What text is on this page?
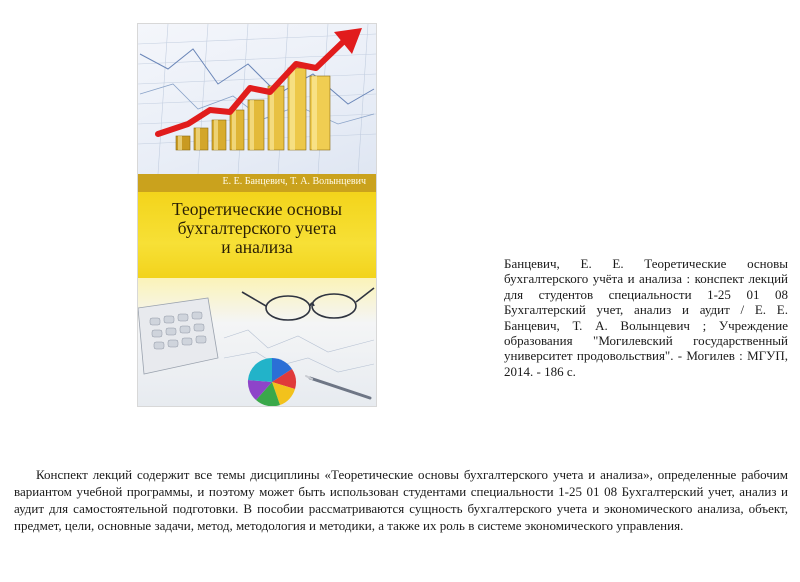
Е. Е. Банцевич, Т. А. Волынцевич
Теоретические основы
бухгалтерского учета
и анализа
Банцевич, Е. Е. Теоретические основы бухгалтерского учёта и анализа : конспект лекций для студентов специальности 1-25 01 08 Бухгалтерский учет, анализ и аудит / Е. Е. Банцевич, Т. А. Волынцевич ; Учреждение образования "Могилевский государственный университет продовольствия". - Могилев : МГУП, 2014. - 186 с.
Конспект лекций содержит все темы дисциплины «Теоретические основы бухгалтерского учета и анализа», определенные рабочим вариантом учебной программы, и поэтому может быть использован студентами специальности 1-25 01 08 Бухгалтерский учет, анализ и аудит для самостоятельной подготовки. В пособии рассматриваются сущность бухгалтерского учета и экономического анализа, объект, предмет, цели, основные задачи, метод, методология и методики, а также их роль в системе экономического управления.
